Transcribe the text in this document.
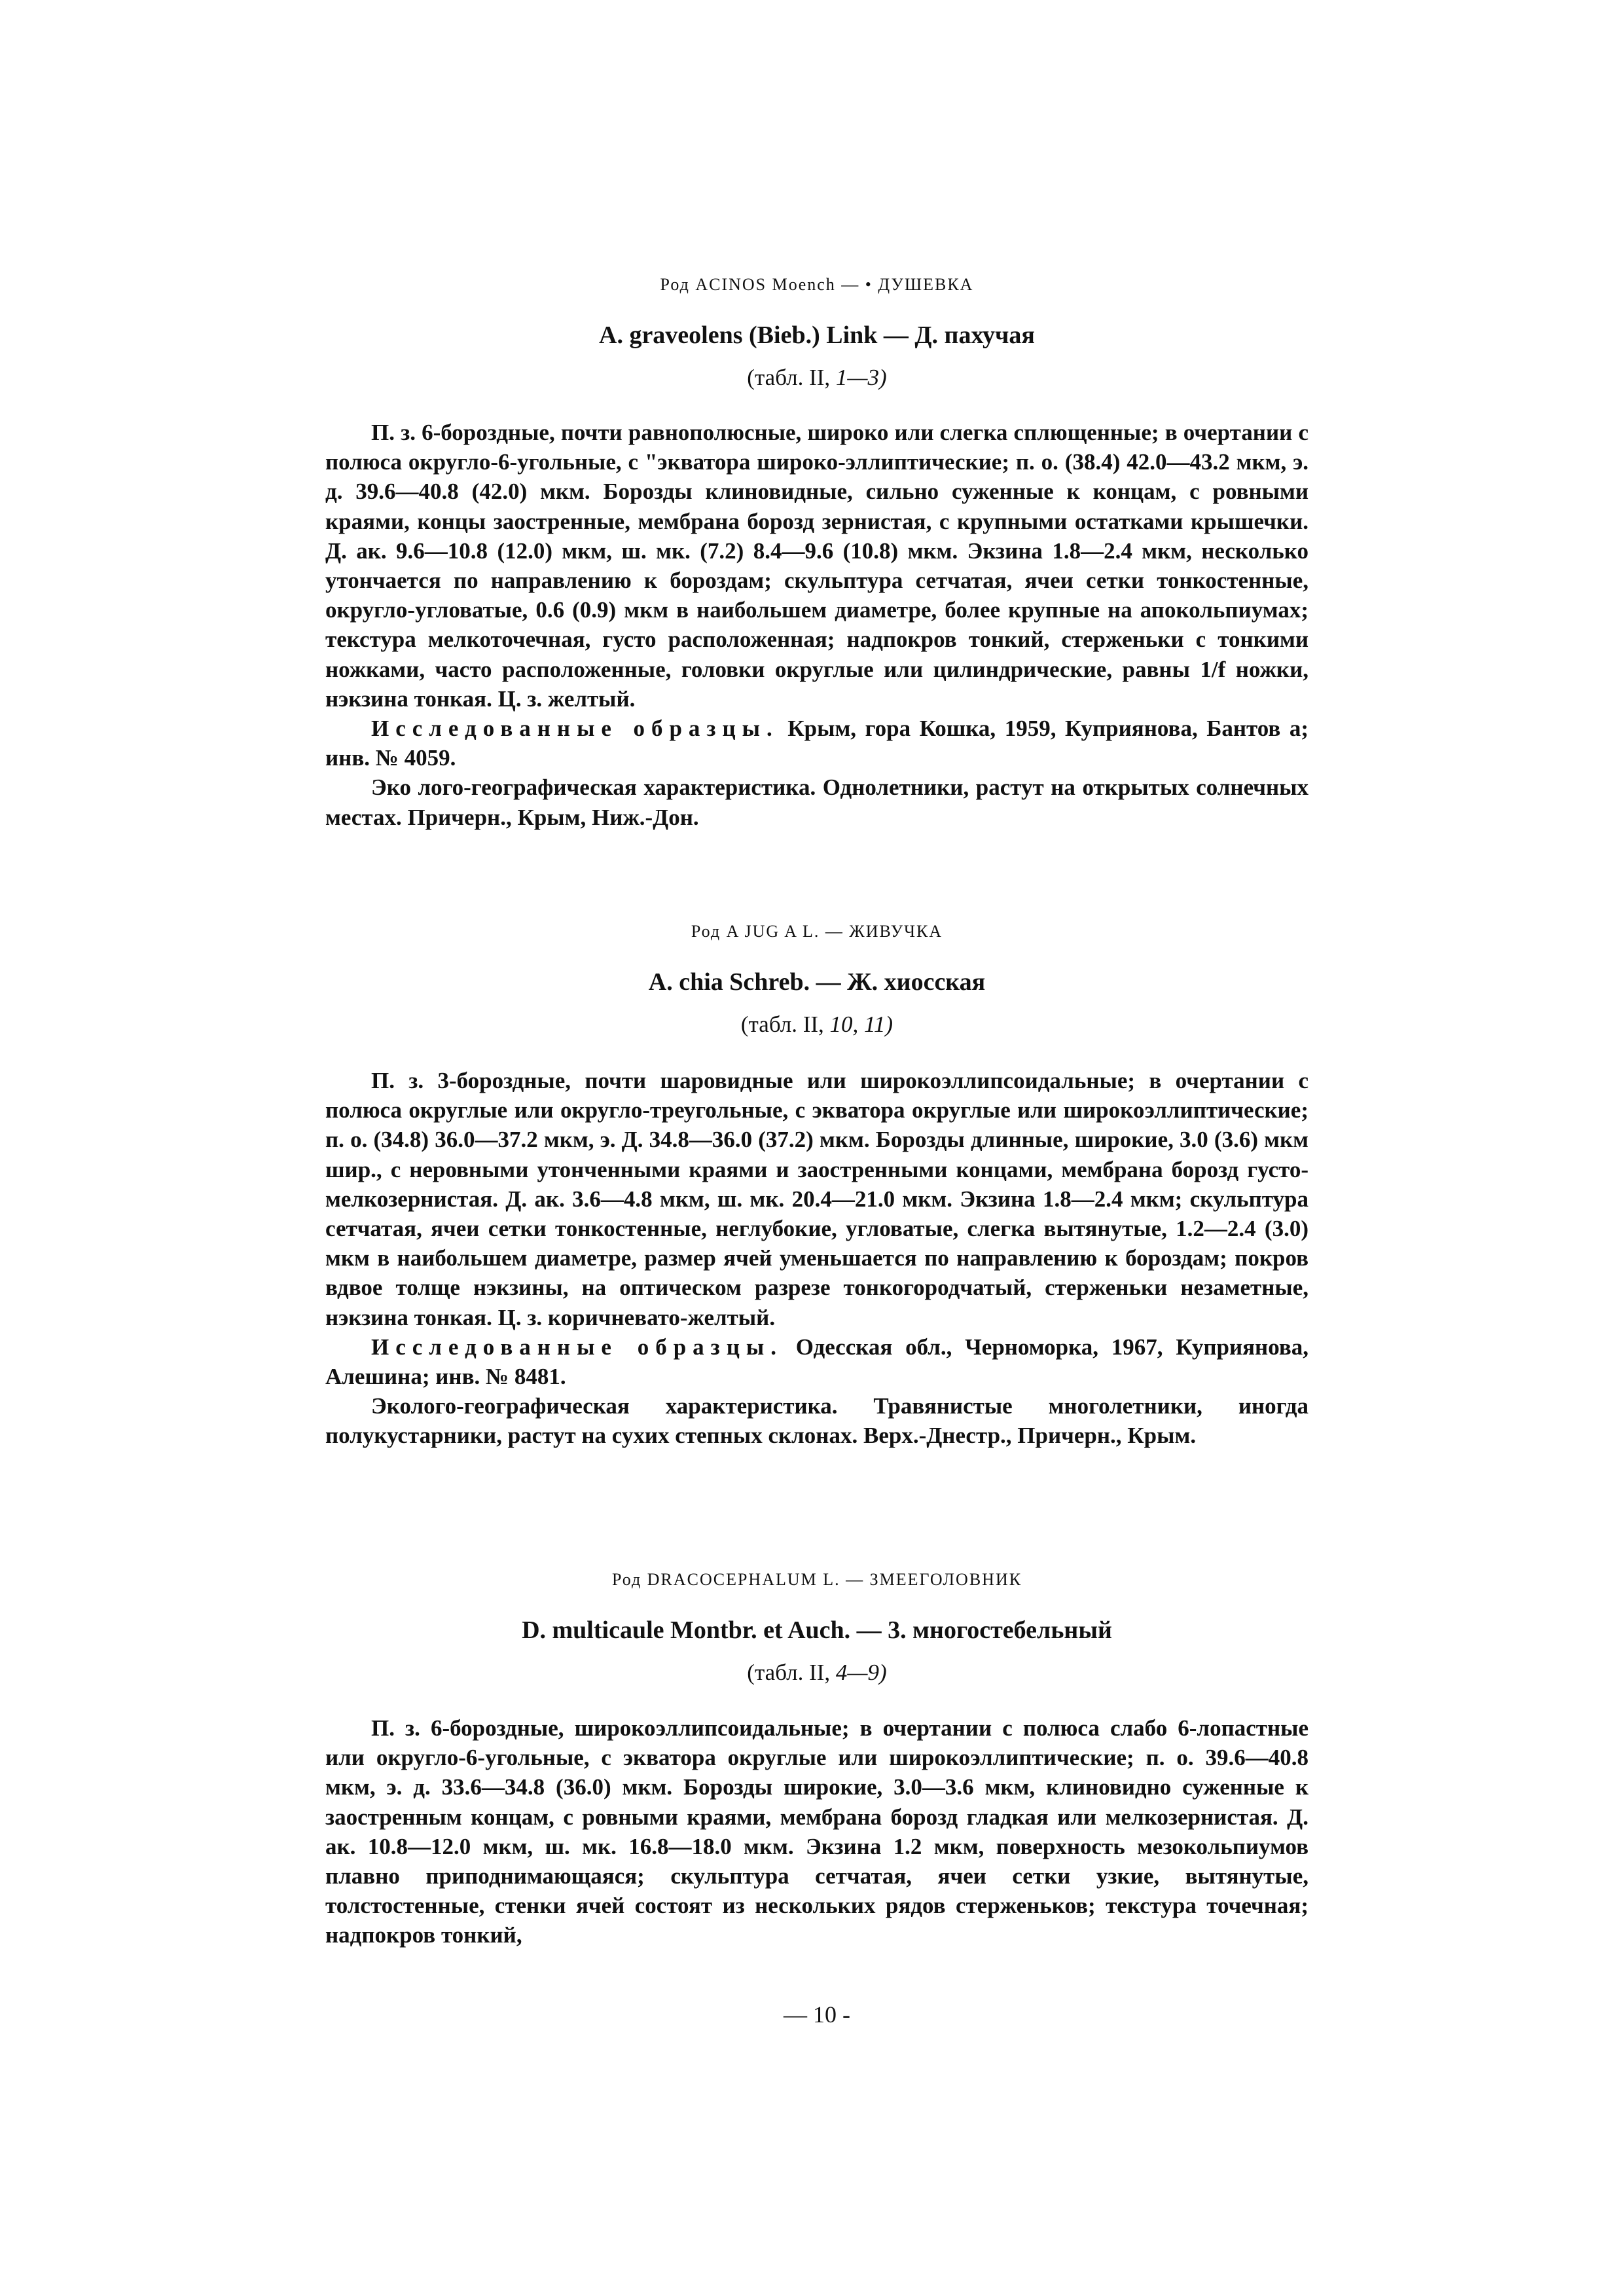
Род ACINOS Moench — • ДУШЕВКА
A. graveolens (Bieb.) Link — Д. пахучая
(табл. II, 1—3)

П. з. 6-бороздные, почти равнополюсные, широко или слегка сплющенные; в очертании с полюса округло-6-угольные, с "экватора широко-эллиптические; п. о. (38.4) 42.0—43.2 мкм, э. д. 39.6—40.8 (42.0) мкм. Борозды клиновидные, сильно суженные к концам, с ровными краями, концы заостренные, мембрана борозд зернистая, с крупными остатками крышечки. Д. ак. 9.6—10.8 (12.0) мкм, ш. мк. (7.2) 8.4—9.6 (10.8) мкм. Экзина 1.8—2.4 мкм, несколько утончается по направлению к бороздам; скульптура сетчатая, ячеи сетки тонкостенные, округло-угловатые, 0.6 (0.9) мкм в наибольшем диаметре, более крупные на апокольпиумах; текстура мелкоточечная, густо расположенная; надпокров тонкий, стерженьки с тонкими ножками, часто расположенные, головки округлые или цилиндрические, равны 1/f ножки, нэкзина тонкая. Ц. з. желтый.

Исследованные образцы. Крым, гора Кошка, 1959, Куприянова, Бантов а; инв. № 4059.

Эко лого-географическая характеристика. Однолетники, растут на открытых солнечных местах. Причерн., Крым, Ниж.-Дон.

Род A JUG A L. — ЖИВУЧКА
A. chia Schreb. — Ж. хиосская
(табл. II, 10, 11)

П. з. 3-бороздные, почти шаровидные или широкоэллипсоидальные; в очертании с полюса округлые или округло-треугольные, с экватора округлые или широкоэллиптические; п. о. (34.8) 36.0—37.2 мкм, э. Д. 34.8—36.0 (37.2) мкм. Борозды длинные, широкие, 3.0 (3.6) мкм шир., с неровными утонченными краями и заостренными концами, мембрана борозд густо-мелкозернистая. Д. ак. 3.6—4.8 мкм, ш. мк. 20.4—21.0 мкм. Экзина 1.8—2.4 мкм; скульптура сетчатая, ячеи сетки тонкостенные, неглубокие, угловатые, слегка вытянутые, 1.2—2.4 (3.0) мкм в наибольшем диаметре, размер ячей уменьшается по направлению к бороздам; покров вдвое толще нэкзины, на оптическом разрезе тонкогородчатый, стерженьки незаметные, нэкзина тонкая. Ц. з. коричневато-желтый.

Исследованные образцы. Одесская обл., Черноморка, 1967, Куприянова, Алешина; инв. № 8481.

Эколого-географическая характеристика. Травянистые многолетники, иногда полукустарники, растут на сухих степных склонах. Верх.-Днестр., Причерн., Крым.

Род DRACOCEPHALUM L. — ЗМЕЕГОЛОВНИК
D. multicaule Montbr. et Auch. — 3. многостебельный
(табл. II, 4—9)

П. з. 6-бороздные, широкоэллипсоидальные; в очертании с полюса слабо 6-лопастные или округло-6-угольные, с экватора округлые или широкоэллиптические; п. о. 39.6—40.8 мкм, э. д. 33.6—34.8 (36.0) мкм. Борозды широкие, 3.0—3.6 мкм, клиновидно суженные к заостренным концам, с ровными краями, мембрана борозд гладкая или мелкозернистая. Д. ак. 10.8—12.0 мкм, ш. мк. 16.8—18.0 мкм. Экзина 1.2 мкм, поверхность мезокольпиумов плавно приподнимающаяся; скульптура сетчатая, ячеи сетки узкие, вытянутые, толстостенные, стенки ячей состоят из нескольких рядов стерженьков; текстура точечная; надпокров тонкий,

— 10 -
